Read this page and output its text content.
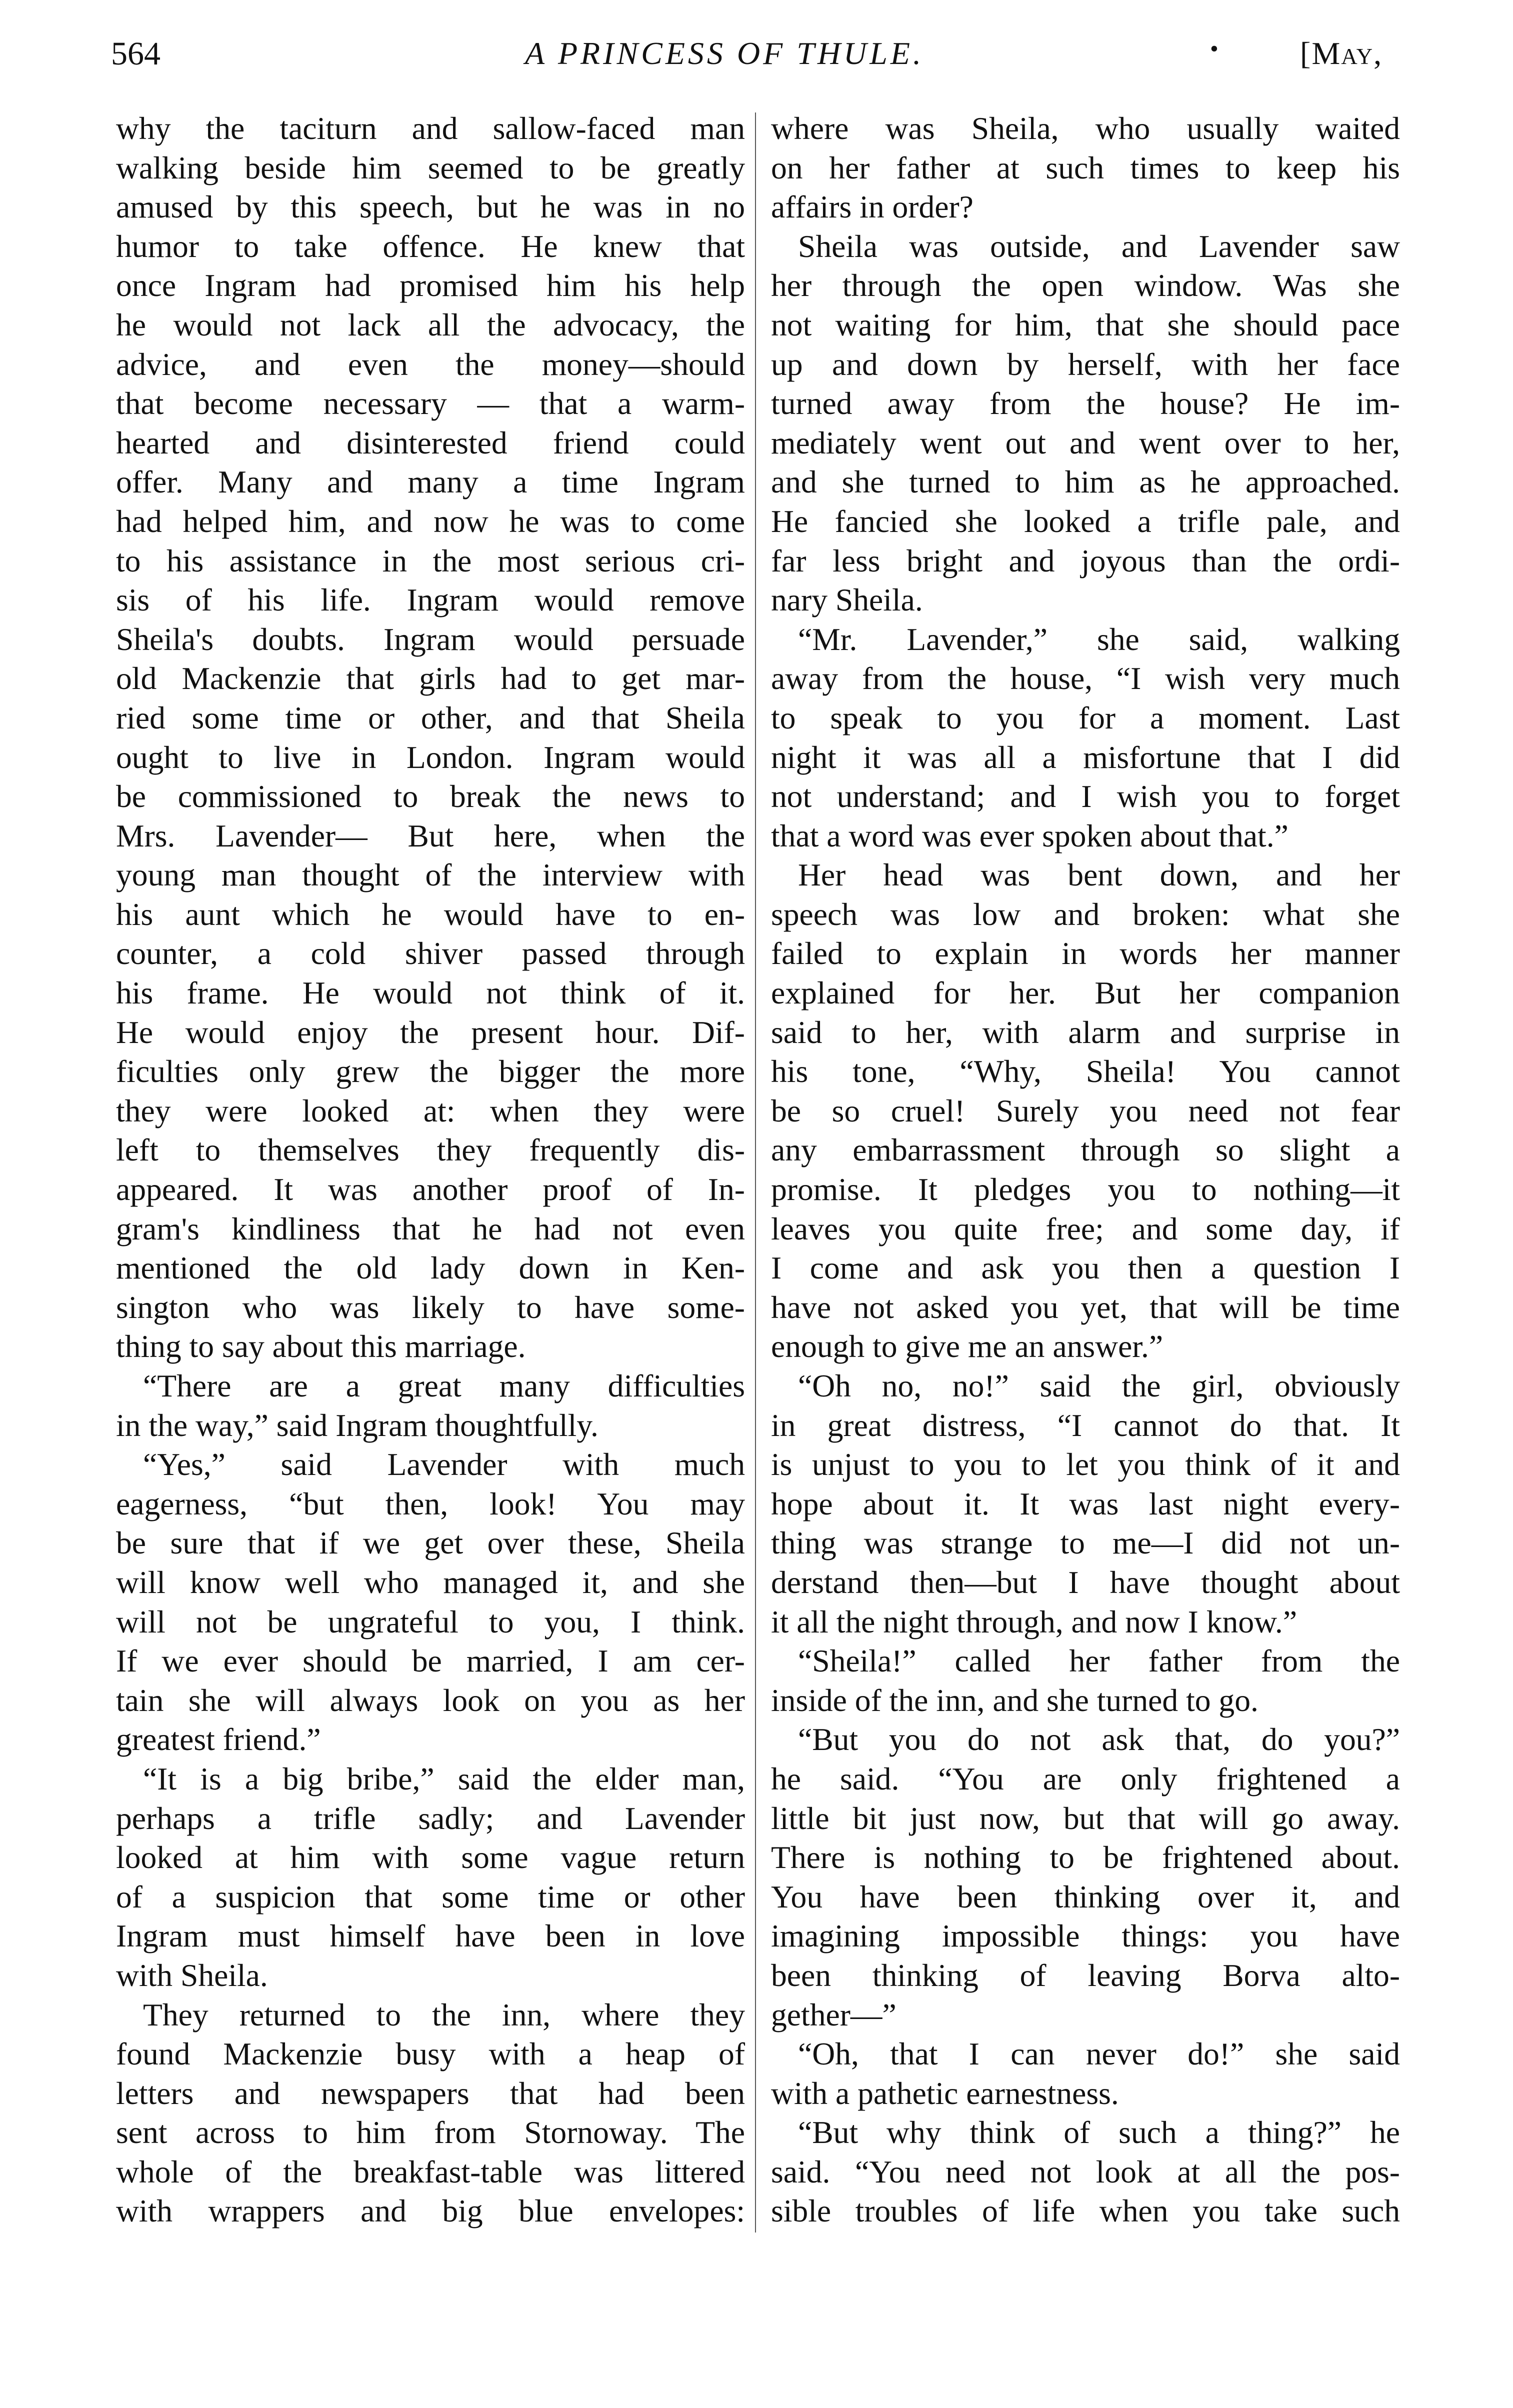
564	A PRINCESS OF THULE.	•	[May,
why the taciturn and sallow-faced man
walking beside him seemed to be greatly
amused by this speech, but he was in no
humor to take offence. He knew that
once Ingram had promised him his help
he would not lack all the advocacy, the
advice, and even the money—should
that become necessary — that a warm-
hearted and disinterested friend could
offer. Many and many a time Ingram
had helped him, and now he was to come
to his assistance in the most serious cri-
sis of his life. Ingram would remove
Sheila's doubts. Ingram would persuade
old Mackenzie that girls had to get mar-
ried some time or other, and that Sheila
ought to live in London. Ingram would
be commissioned to break the news to
Mrs. Lavender— But here, when the
young man thought of the interview with
his aunt which he would have to en-
counter, a cold shiver passed through
his frame. He would not think of it.
He would enjoy the present hour. Dif-
ficulties only grew the bigger the more
they were looked at: when they were
left to themselves they frequently dis-
appeared. It was another proof of In-
gram's kindliness that he had not even
mentioned the old lady down in Ken-
sington who was likely to have some-
thing to say about this marriage.
“There are a great many difficulties
in the way,” said Ingram thoughtfully.
“Yes,” said Lavender with much
eagerness, “but then, look! You may
be sure that if we get over these, Sheila
will know well who managed it, and she
will not be ungrateful to you, I think.
If we ever should be married, I am cer-
tain she will always look on you as her
greatest friend.”
“It is a big bribe,” said the elder man,
perhaps a trifle sadly; and Lavender
looked at him with some vague return
of a suspicion that some time or other
Ingram must himself have been in love
with Sheila.
They returned to the inn, where they
found Mackenzie busy with a heap of
letters and newspapers that had been
sent across to him from Stornoway. The
whole of the breakfast-table was littered
with wrappers and big blue envelopes:
where was Sheila, who usually waited
on her father at such times to keep his
affairs in order?
Sheila was outside, and Lavender saw
her through the open window. Was she
not waiting for him, that she should pace
up and down by herself, with her face
turned away from the house? He im-
mediately went out and went over to her,
and she turned to him as he approached.
He fancied she looked a trifle pale, and
far less bright and joyous than the ordi-
nary Sheila.
“Mr. Lavender,” she said, walking
away from the house, “I wish very much
to speak to you for a moment. Last
night it was all a misfortune that I did
not understand; and I wish you to forget
that a word was ever spoken about that.”
Her head was bent down, and her
speech was low and broken: what she
failed to explain in words her manner
explained for her. But her companion
said to her, with alarm and surprise in
his tone, “Why, Sheila! You cannot
be so cruel! Surely you need not fear
any embarrassment through so slight a
promise. It pledges you to nothing—it
leaves you quite free; and some day, if
I come and ask you then a question I
have not asked you yet, that will be time
enough to give me an answer.”
“Oh no, no!” said the girl, obviously
in great distress, “I cannot do that. It
is unjust to you to let you think of it and
hope about it. It was last night every-
thing was strange to me—I did not un-
derstand then—but I have thought about
it all the night through, and now I know.”
“Sheila!” called her father from the
inside of the inn, and she turned to go.
“But you do not ask that, do you?”
he said. “You are only frightened a
little bit just now, but that will go away.
There is nothing to be frightened about.
You have been thinking over it, and
imagining impossible things: you have
been thinking of leaving Borva alto-
gether—”
“Oh, that I can never do!” she said
with a pathetic earnestness.
“But why think of such a thing?” he
said. “You need not look at all the pos-
sible troubles of life when you take such
